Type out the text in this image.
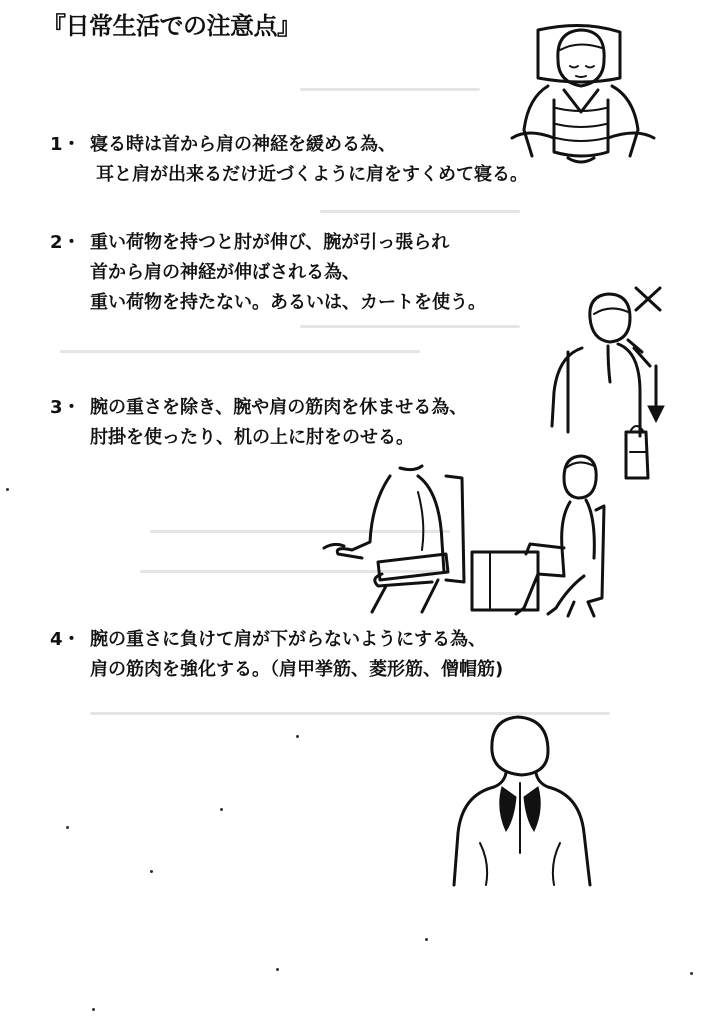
『日常生活での注意点』
1・ 寝る時は首から肩の神経を緩める為、
耳と肩が出来るだけ近づくように肩をすくめて寝る。
2・ 重い荷物を持つと肘が伸び、腕が引っ張られ
首から肩の神経が伸ばされる為、
重い荷物を持たない。あるいは、カートを使う。
3・ 腕の重さを除き、腕や肩の筋肉を休ませる為、
肘掛を使ったり、机の上に肘をのせる。
4・ 腕の重さに負けて肩が下がらないようにする為、
肩の筋肉を強化する。（肩甲挙筋、菱形筋、僧帽筋)
